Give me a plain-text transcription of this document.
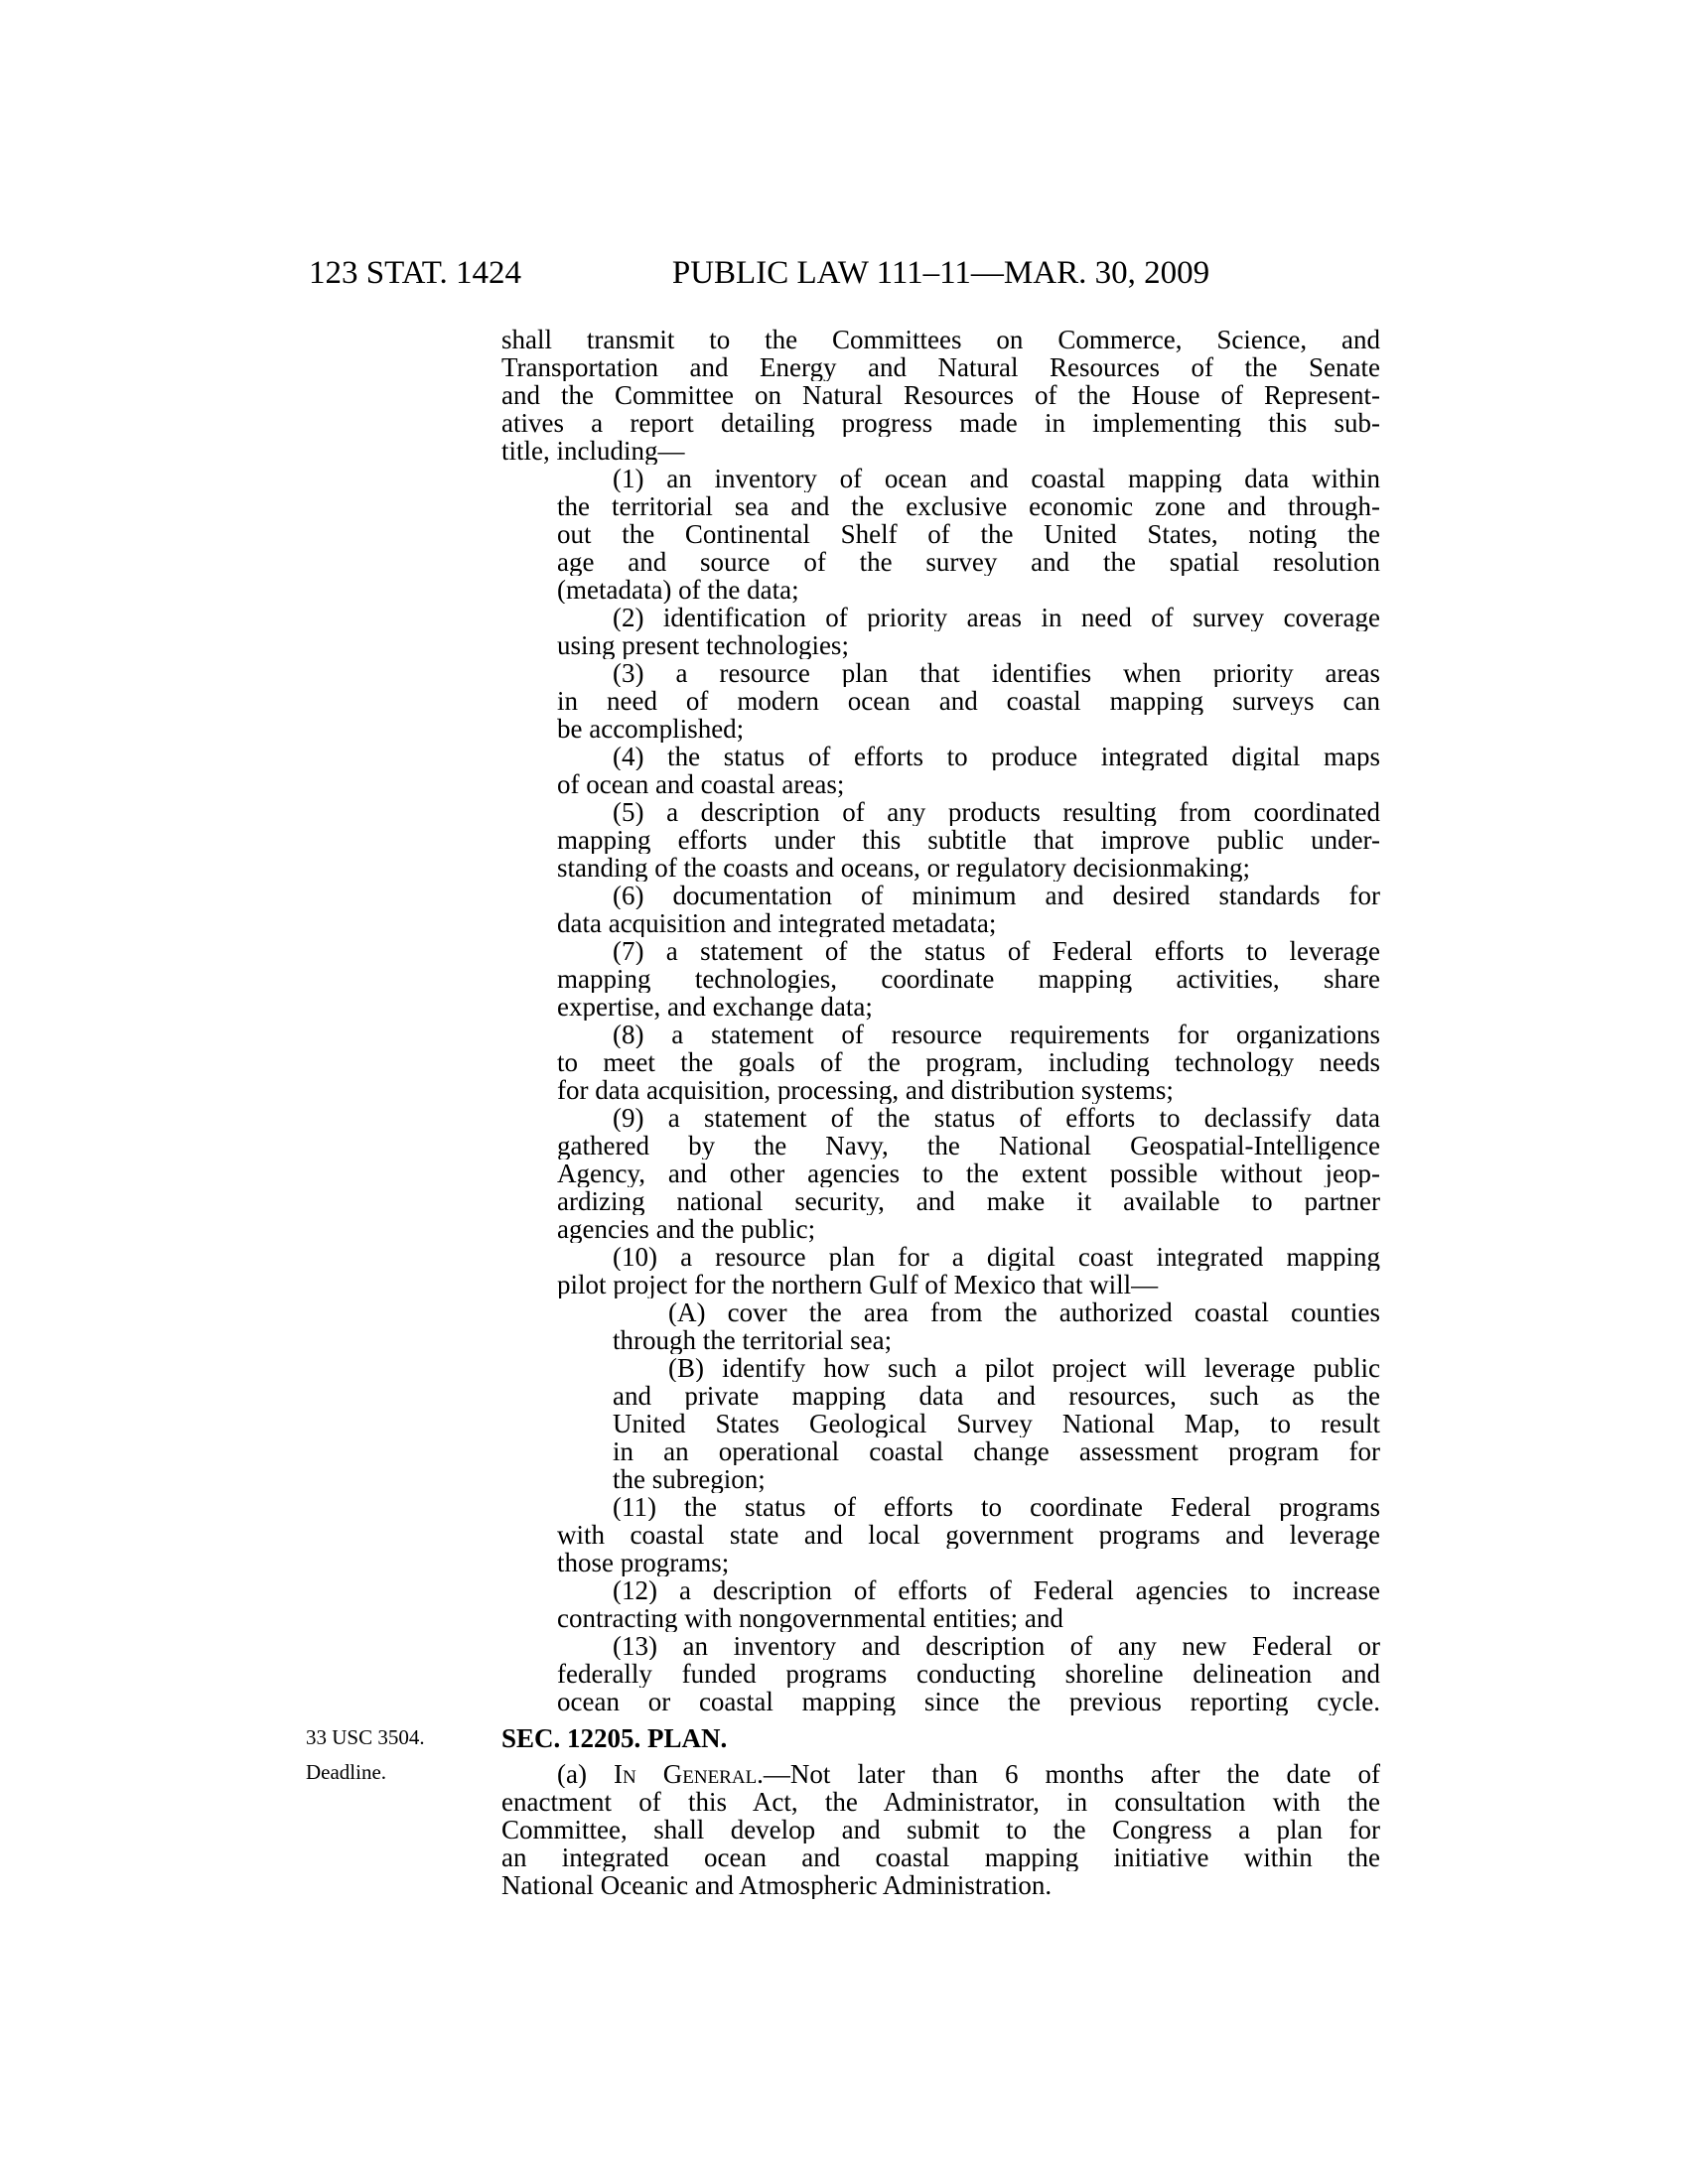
123 STAT. 1424	PUBLIC LAW 111–11—MAR. 30, 2009
shall transmit to the Committees on Commerce, Science, and
Transportation and Energy and Natural Resources of the Senate
and the Committee on Natural Resources of the House of Represent-
atives a report detailing progress made in implementing this sub-
title, including—
(1) an inventory of ocean and coastal mapping data within
the territorial sea and the exclusive economic zone and through-
out the Continental Shelf of the United States, noting the
age and source of the survey and the spatial resolution
(metadata) of the data;
(2) identification of priority areas in need of survey coverage
using present technologies;
(3) a resource plan that identifies when priority areas
in need of modern ocean and coastal mapping surveys can
be accomplished;
(4) the status of efforts to produce integrated digital maps
of ocean and coastal areas;
(5) a description of any products resulting from coordinated
mapping efforts under this subtitle that improve public under-
standing of the coasts and oceans, or regulatory decisionmaking;
(6) documentation of minimum and desired standards for
data acquisition and integrated metadata;
(7) a statement of the status of Federal efforts to leverage
mapping technologies, coordinate mapping activities, share
expertise, and exchange data;
(8) a statement of resource requirements for organizations
to meet the goals of the program, including technology needs
for data acquisition, processing, and distribution systems;
(9) a statement of the status of efforts to declassify data
gathered by the Navy, the National Geospatial-Intelligence
Agency, and other agencies to the extent possible without jeop-
ardizing national security, and make it available to partner
agencies and the public;
(10) a resource plan for a digital coast integrated mapping
pilot project for the northern Gulf of Mexico that will—
(A) cover the area from the authorized coastal counties
through the territorial sea;
(B) identify how such a pilot project will leverage public
and private mapping data and resources, such as the
United States Geological Survey National Map, to result
in an operational coastal change assessment program for
the subregion;
(11) the status of efforts to coordinate Federal programs
with coastal state and local government programs and leverage
those programs;
(12) a description of efforts of Federal agencies to increase
contracting with nongovernmental entities; and
(13) an inventory and description of any new Federal or
federally funded programs conducting shoreline delineation and
ocean or coastal mapping since the previous reporting cycle.
33 USC 3504.
Deadline.
SEC. 12205. PLAN.
(a) In General.—Not later than 6 months after the date of
enactment of this Act, the Administrator, in consultation with the
Committee, shall develop and submit to the Congress a plan for
an integrated ocean and coastal mapping initiative within the
National Oceanic and Atmospheric Administration.
